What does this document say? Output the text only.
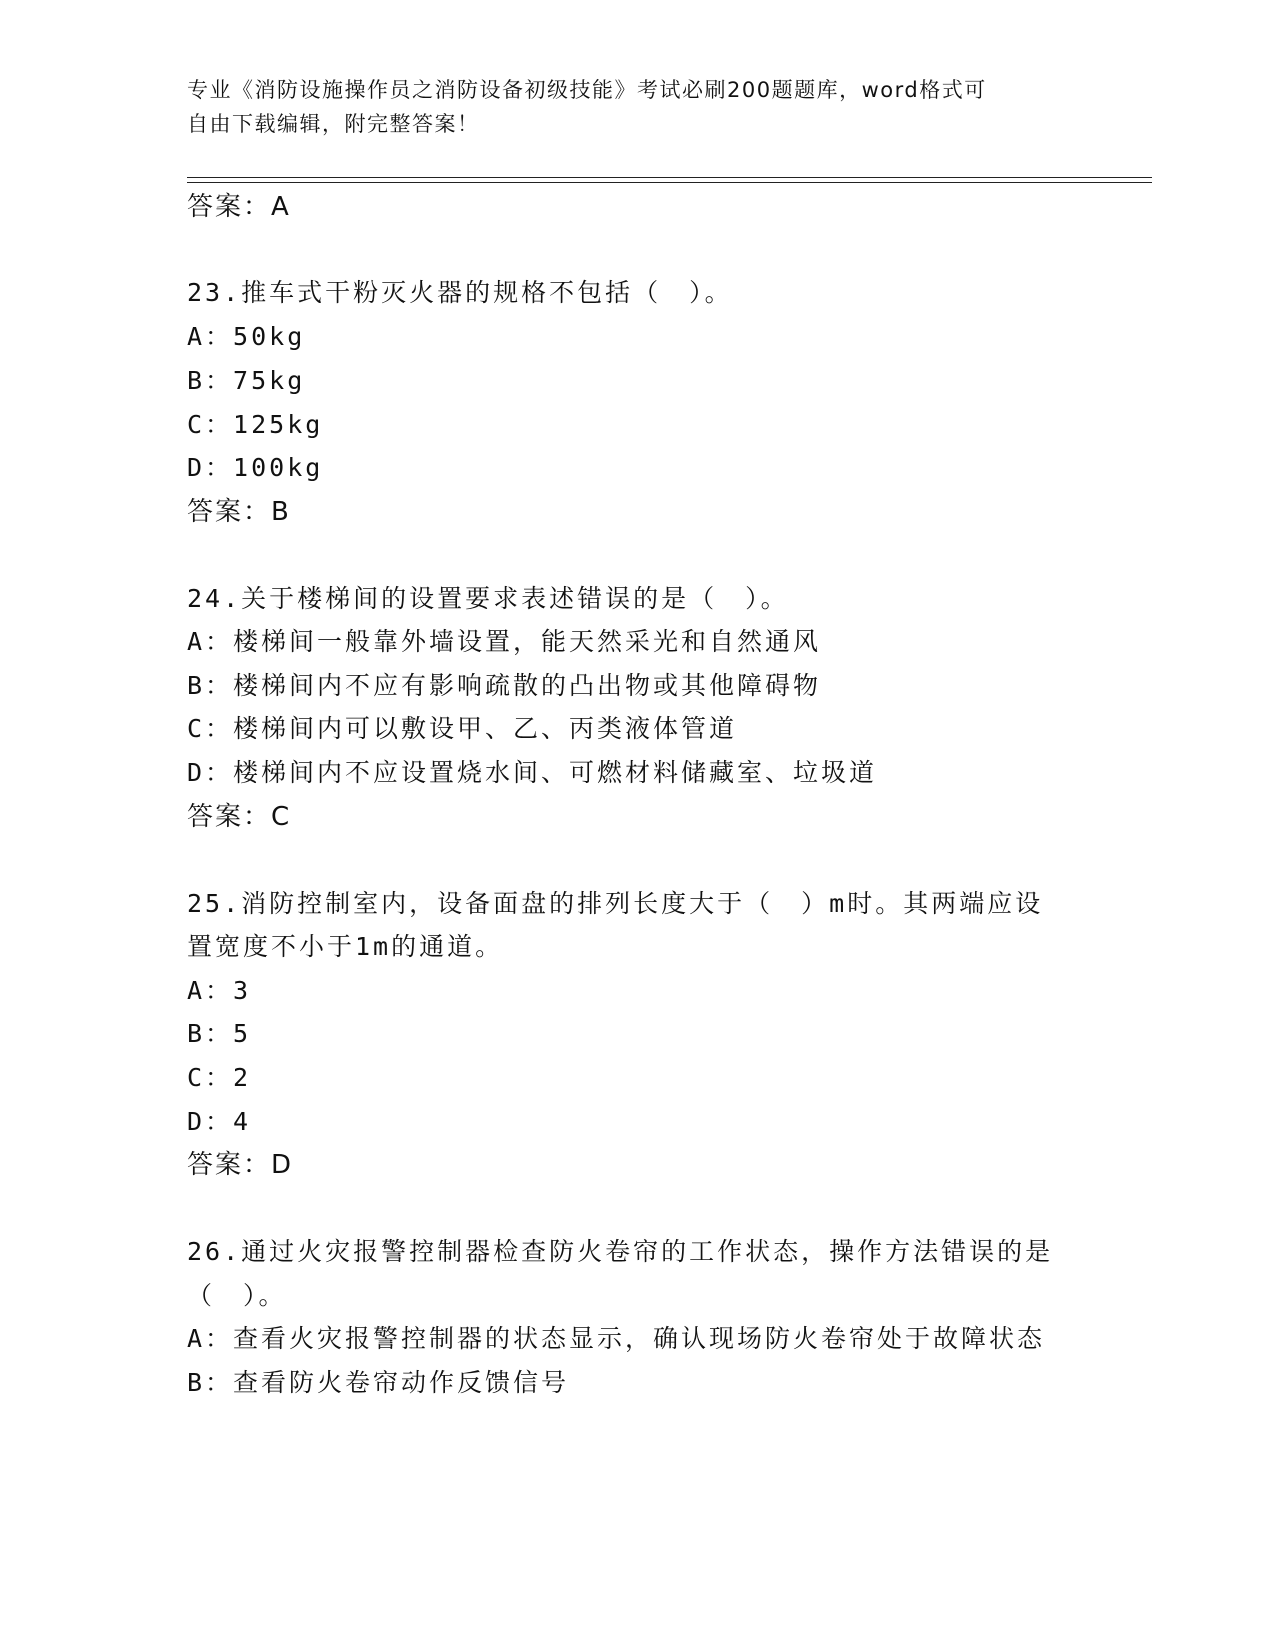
专业《消防设施操作员之消防设备初级技能》考试必刷200题题库，word格式可
自由下载编辑，附完整答案！
答案：A
23.推车式干粉灭火器的规格不包括（　）。
A：50kg
B：75kg
C：125kg
D：100kg
答案：B
24.关于楼梯间的设置要求表述错误的是（　）。
A：楼梯间一般靠外墙设置，能天然采光和自然通风
B：楼梯间内不应有影响疏散的凸出物或其他障碍物
C：楼梯间内可以敷设甲、乙、丙类液体管道
D：楼梯间内不应设置烧水间、可燃材料储藏室、垃圾道
答案：C
25.消防控制室内，设备面盘的排列长度大于（　）m时。其两端应设
置宽度不小于1m的通道。
A：3
B：5
C：2
D：4
答案：D
26.通过火灾报警控制器检查防火卷帘的工作状态，操作方法错误的是
（　）。
A：查看火灾报警控制器的状态显示，确认现场防火卷帘处于故障状态
B：查看防火卷帘动作反馈信号
